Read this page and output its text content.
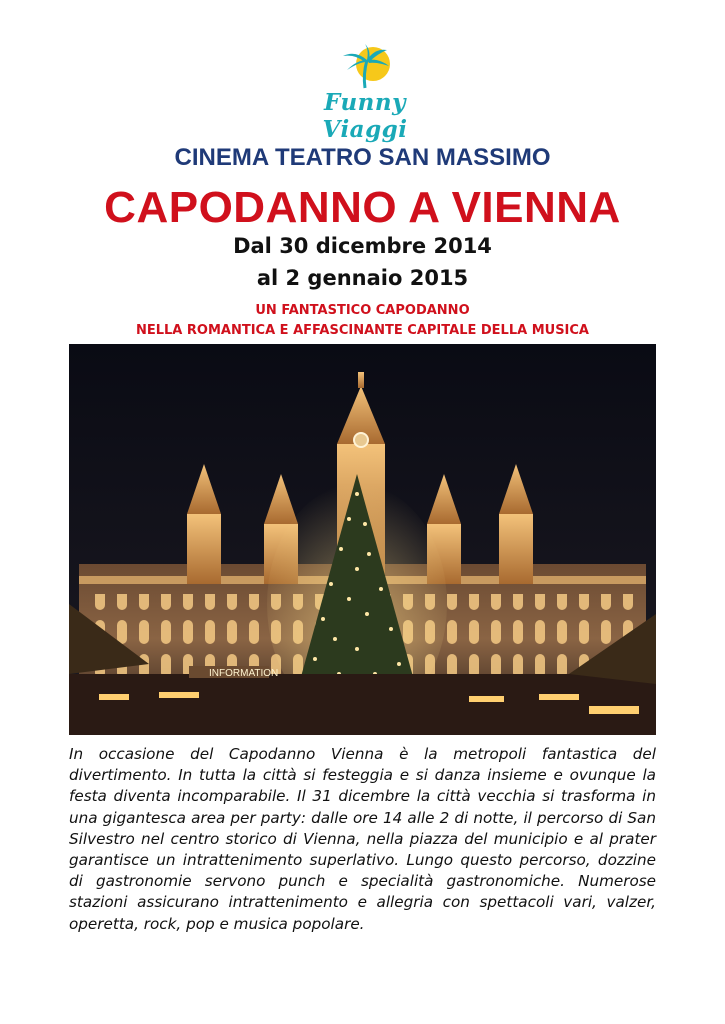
Funny Viaggi
CINEMA TEATRO SAN MASSIMO
CAPODANNO A VIENNA
Dal 30 dicembre 2014
al 2 gennaio 2015
UN FANTASTICO CAPODANNO
NELLA ROMANTICA E AFFASCINANTE CAPITALE DELLA MUSICA
INFORMATION
In occasione del Capodanno Vienna è la metropoli fantastica del divertimento. In tutta la città si festeggia e si danza insieme e ovunque la festa diventa incomparabile. Il 31 dicembre la città vecchia si trasforma in una gigantesca area per party: dalle ore 14 alle 2 di notte, il percorso di San Silvestro nel centro storico di Vienna, nella piazza del municipio e al prater garantisce un intrattenimento superlativo. Lungo questo percorso, dozzine di gastronomie servono punch e specialità gastronomiche. Numerose stazioni assicurano intrattenimento e allegria con spettacoli vari, valzer, operetta, rock, pop e musica popolare.
